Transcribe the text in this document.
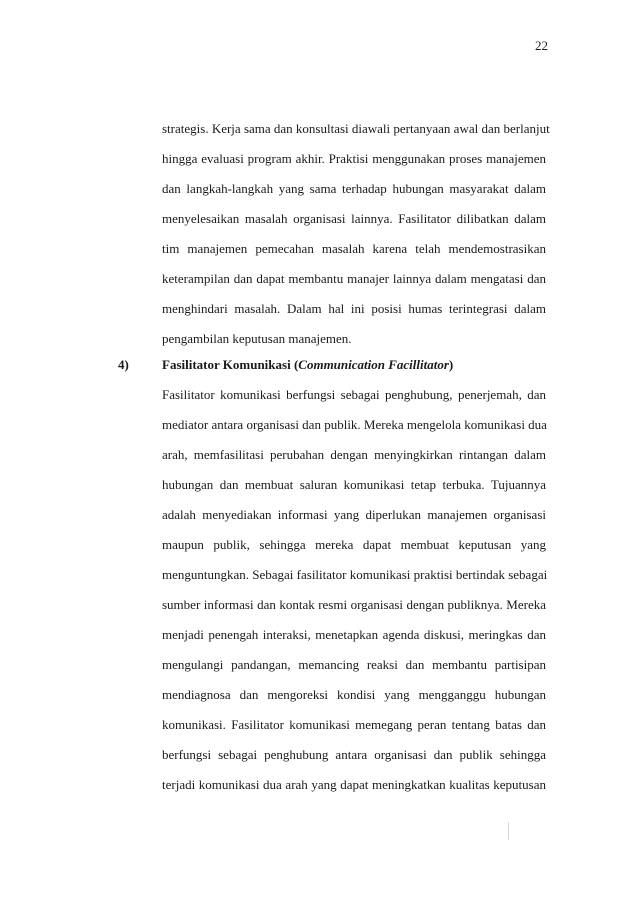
22
strategis. Kerja sama dan konsultasi diawali pertanyaan awal dan berlanjut
hingga evaluasi program akhir. Praktisi menggunakan proses manajemen
dan langkah-langkah yang sama terhadap hubungan masyarakat dalam
menyelesaikan masalah organisasi lainnya. Fasilitator dilibatkan dalam
tim manajemen pemecahan masalah karena telah mendemostrasikan
keterampilan dan dapat membantu manajer lainnya dalam mengatasi dan
menghindari masalah. Dalam hal ini posisi humas terintegrasi dalam
pengambilan keputusan manajemen.
4)	Fasilitator Komunikasi (Communication Facillitator)
Fasilitator komunikasi berfungsi sebagai penghubung, penerjemah, dan
mediator antara organisasi dan publik. Mereka mengelola komunikasi dua
arah, memfasilitasi perubahan dengan menyingkirkan rintangan dalam
hubungan dan membuat saluran komunikasi tetap terbuka. Tujuannya
adalah menyediakan informasi yang diperlukan manajemen organisasi
maupun publik, sehingga mereka dapat membuat keputusan yang
menguntungkan. Sebagai fasilitator komunikasi praktisi bertindak sebagai
sumber informasi dan kontak resmi organisasi dengan publiknya. Mereka
menjadi penengah interaksi, menetapkan agenda diskusi, meringkas dan
mengulangi pandangan, memancing reaksi dan membantu partisipan
mendiagnosa dan mengoreksi kondisi yang mengganggu hubungan
komunikasi. Fasilitator komunikasi memegang peran tentang batas dan
berfungsi sebagai penghubung antara organisasi dan publik sehingga
terjadi komunikasi dua arah yang dapat meningkatkan kualitas keputusan
